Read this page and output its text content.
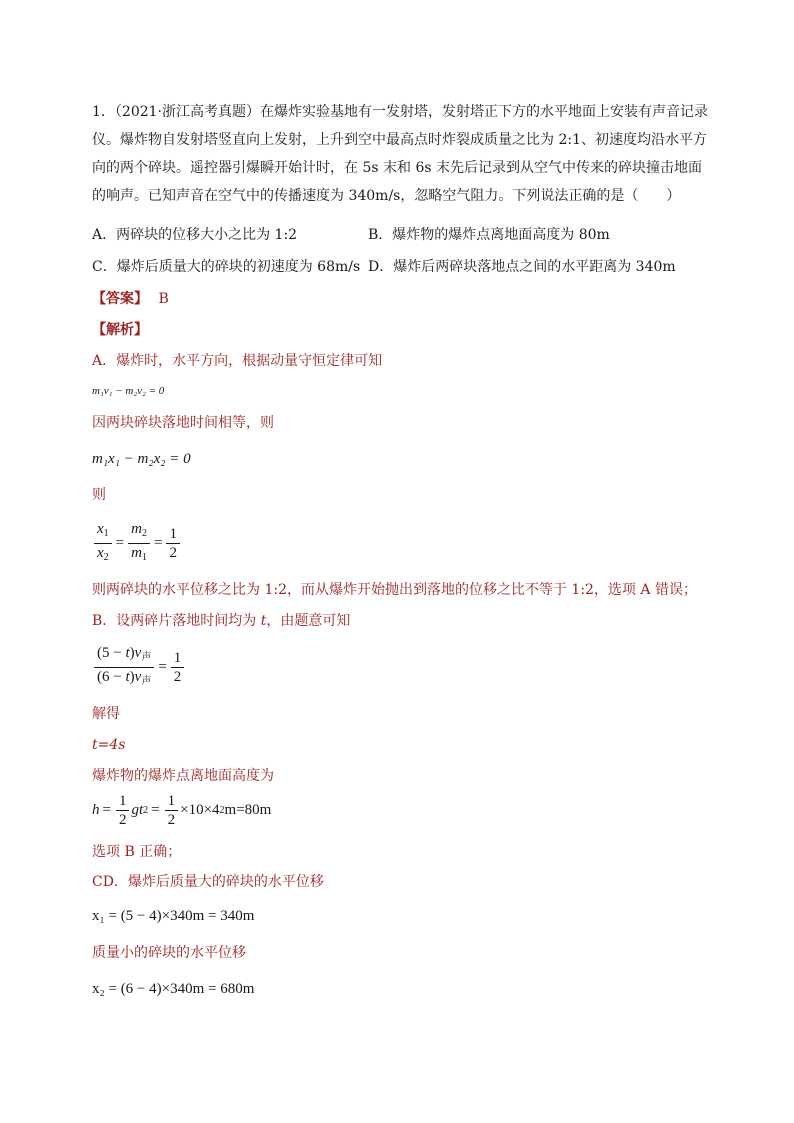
1．（2021·浙江高考真题）在爆炸实验基地有一发射塔，发射塔正下方的水平地面上安装有声音记录
仪。爆炸物自发射塔竖直向上发射，上升到空中最高点时炸裂成质量之比为 2:1、初速度均沿水平方
向的两个碎块。遥控器引爆瞬开始计时，在 5s 末和 6s 末先后记录到从空气中传来的碎块撞击地面
的响声。已知声音在空气中的传播速度为 340m/s，忽略空气阻力。下列说法正确的是（　　）
A．两碎块的位移大小之比为 1:2	B．爆炸物的爆炸点离地面高度为 80m
C．爆炸后质量大的碎块的初速度为 68m/s D．爆炸后两碎块落地点之间的水平距离为 340m
【答案】 B
【解析】
A．爆炸时，水平方向，根据动量守恒定律可知
m₁v₁ − m₂v₂ = 0
因两块碎块落地时间相等，则
m₁x₁ − m₂x₂ = 0
则
$\frac{x_1}{x_2} = \frac{m_2}{m_1} = \frac{1}{2}$
则两碎块的水平位移之比为 1:2，而从爆炸开始抛出到落地的位移之比不等于 1:2，选项 A 错误；
B．设两碎片落地时间均为 t，由题意可知
$\frac{(5 - t)v_声}{(6 - t)v_声} = \frac{1}{2}$
解得
t=4s
爆炸物的爆炸点离地面高度为
$h = \frac{1}{2}$ gt $2 = \frac{1}{2} \times 10\times 4$ 2 m=80m
选项 B 正确；
CD．爆炸后质量大的碎块的水平位移
x₁ = (5 − 4)×340m = 340m
质量小的碎块的水平位移
x₂ = (6 − 4)×340m = 680m
